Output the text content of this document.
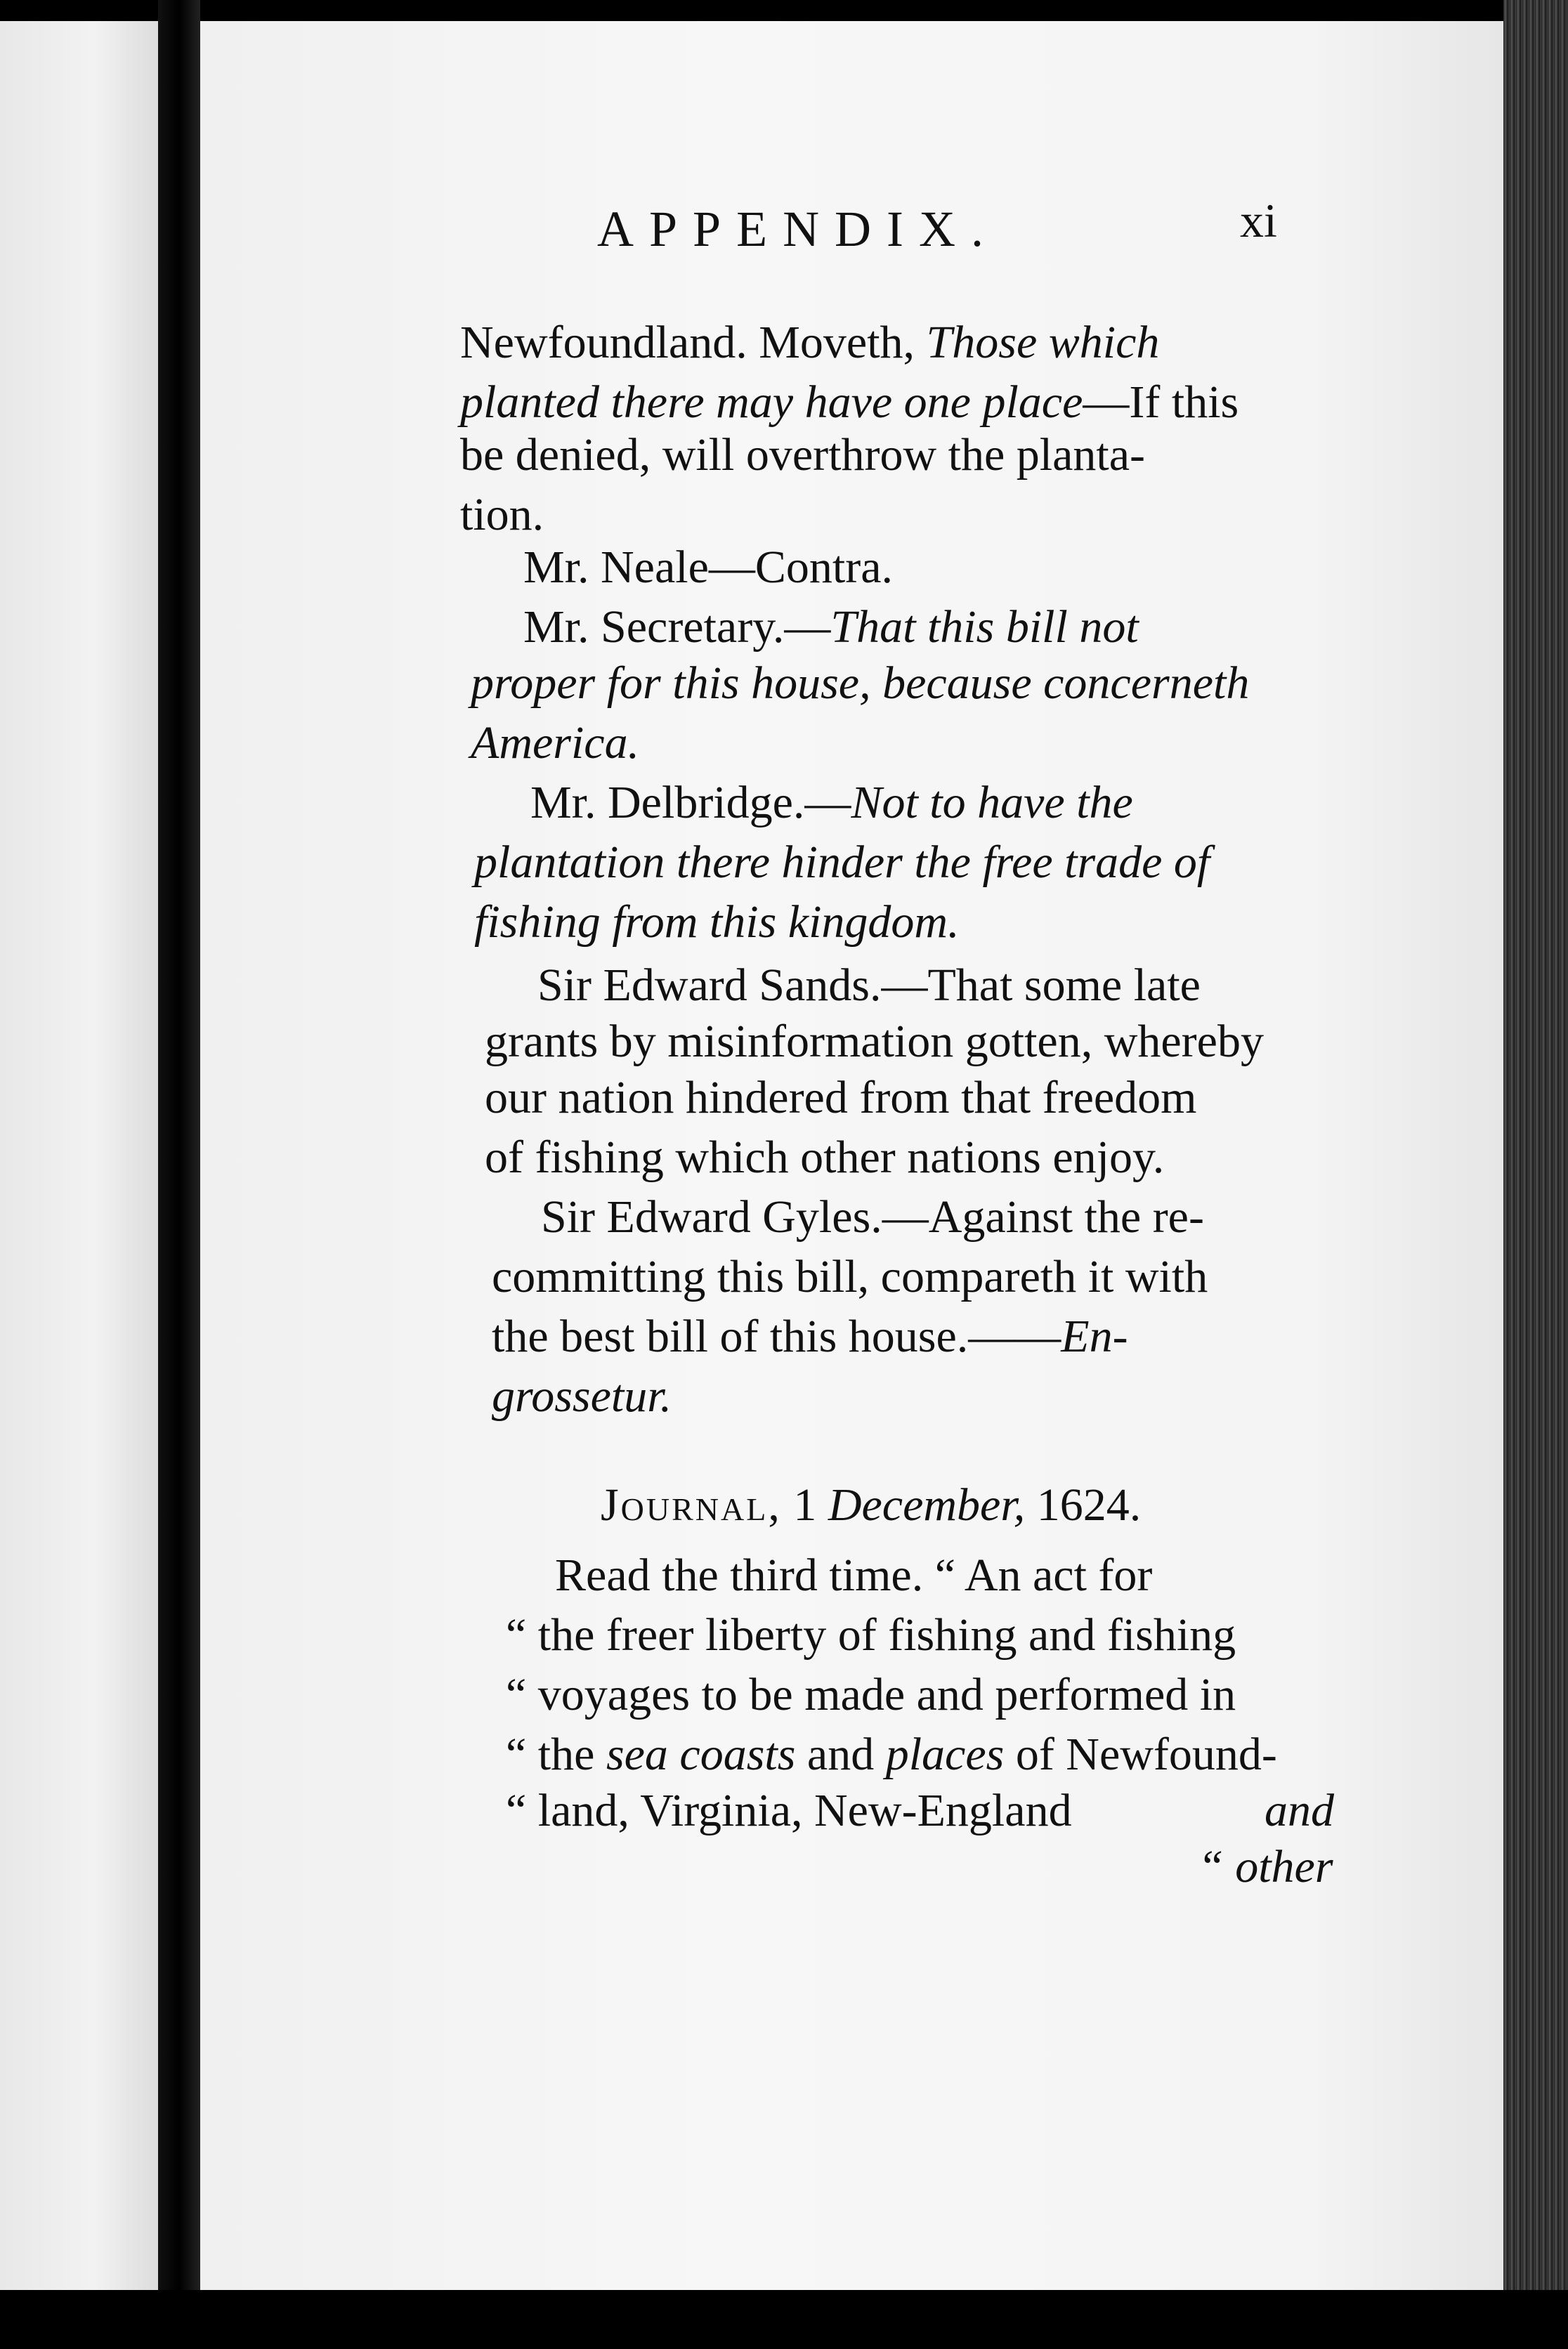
APPENDIX.	xi
Newfoundland. Moveth, Those which
planted there may have one place—If this
be denied, will overthrow the planta-
tion.
Mr. Neale—Contra.
Mr. Secretary.—That this bill not
proper for this house, because concerneth
America.
Mr. Delbridge.—Not to have the
plantation there hinder the free trade of
fishing from this kingdom.
Sir Edward Sands.—That some late
grants by misinformation gotten, whereby
our nation hindered from that freedom
of fishing which other nations enjoy.
Sir Edward Gyles.—Against the re-
committing this bill, compareth it with
the best bill of this house.——En-
grossetur.
Journal, 1 December, 1624.
Read the third time. “ An act for
“ the freer liberty of fishing and fishing
“ voyages to be made and performed in
“ the sea coasts and places of Newfound-
“ land, Virginia, New-England	and
“ other
